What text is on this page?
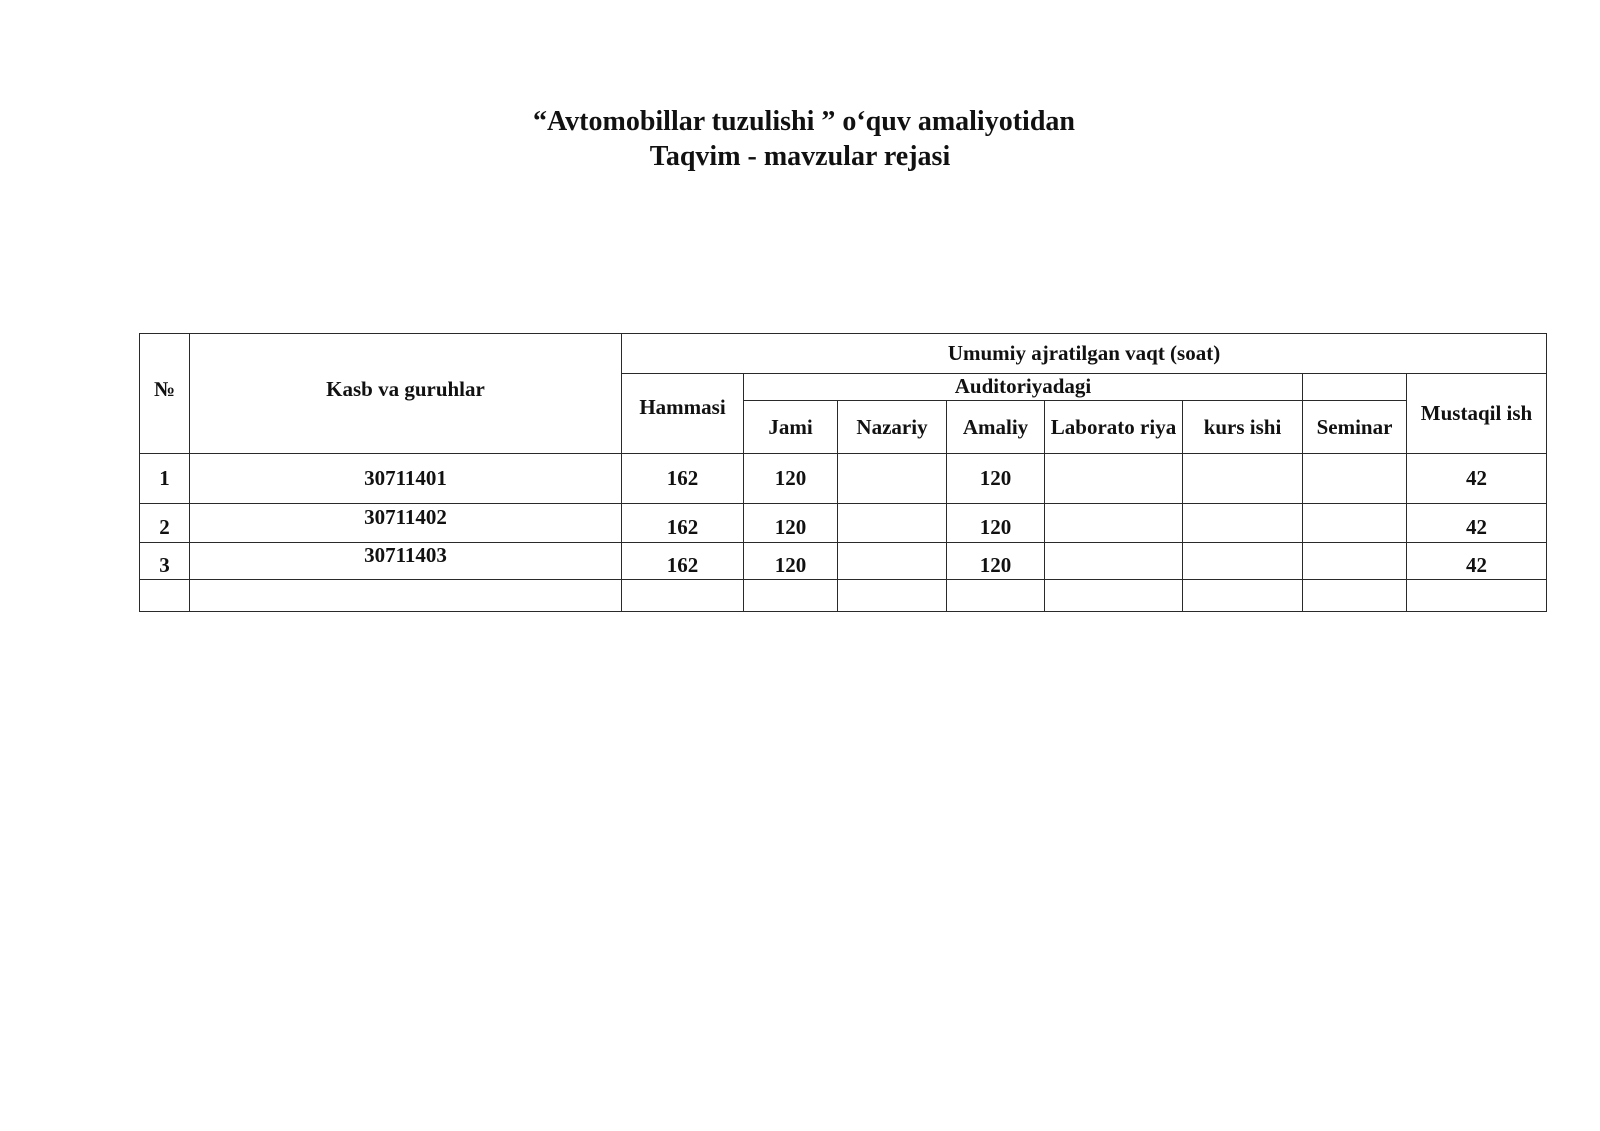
“Avtomobillar tuzulishi ” o‘quv amaliyotidan
Taqvim - mavzular rejasi
№	Kasb va guruhlar	Umumiy ajratilgan vaqt (soat)							

		Hammasi	Auditoriyadagi						Mustaqil ish

			Jami	Nazariy	Amaliy	Laborato riya	kurs ishi	Seminar	
1	30711401	162	120		120				42
2	30711402	162	120		120				42
3	30711403	162	120		120				42
